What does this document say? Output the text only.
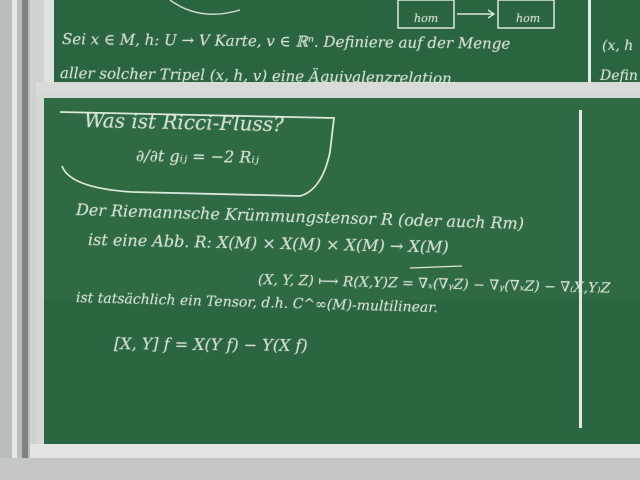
Sei x ∈ M, h: U → V Karte, v ∈ ℝⁿ. Definiere auf der Menge
aller solcher Tripel (x, h, v) eine Äquivalenzrelation.
hom	hom
(x, h
Defin
Was ist Ricci-Fluss?
∂/∂t gᵢⱼ = −2 Rᵢⱼ
Der Riemannsche Krümmungstensor R (oder auch Rm)
ist eine Abb. R: X(M) × X(M) × X(M) → X(M)
(X, Y, Z) ⟼ R(X,Y)Z = ∇ₓ(∇ᵧZ) − ∇ᵧ(∇ₓZ) − ∇₍X,Y₎Z
ist tatsächlich ein Tensor, d.h. C^∞(M)-multilinear.
[X, Y] f = X(Y f) − Y(X f)
